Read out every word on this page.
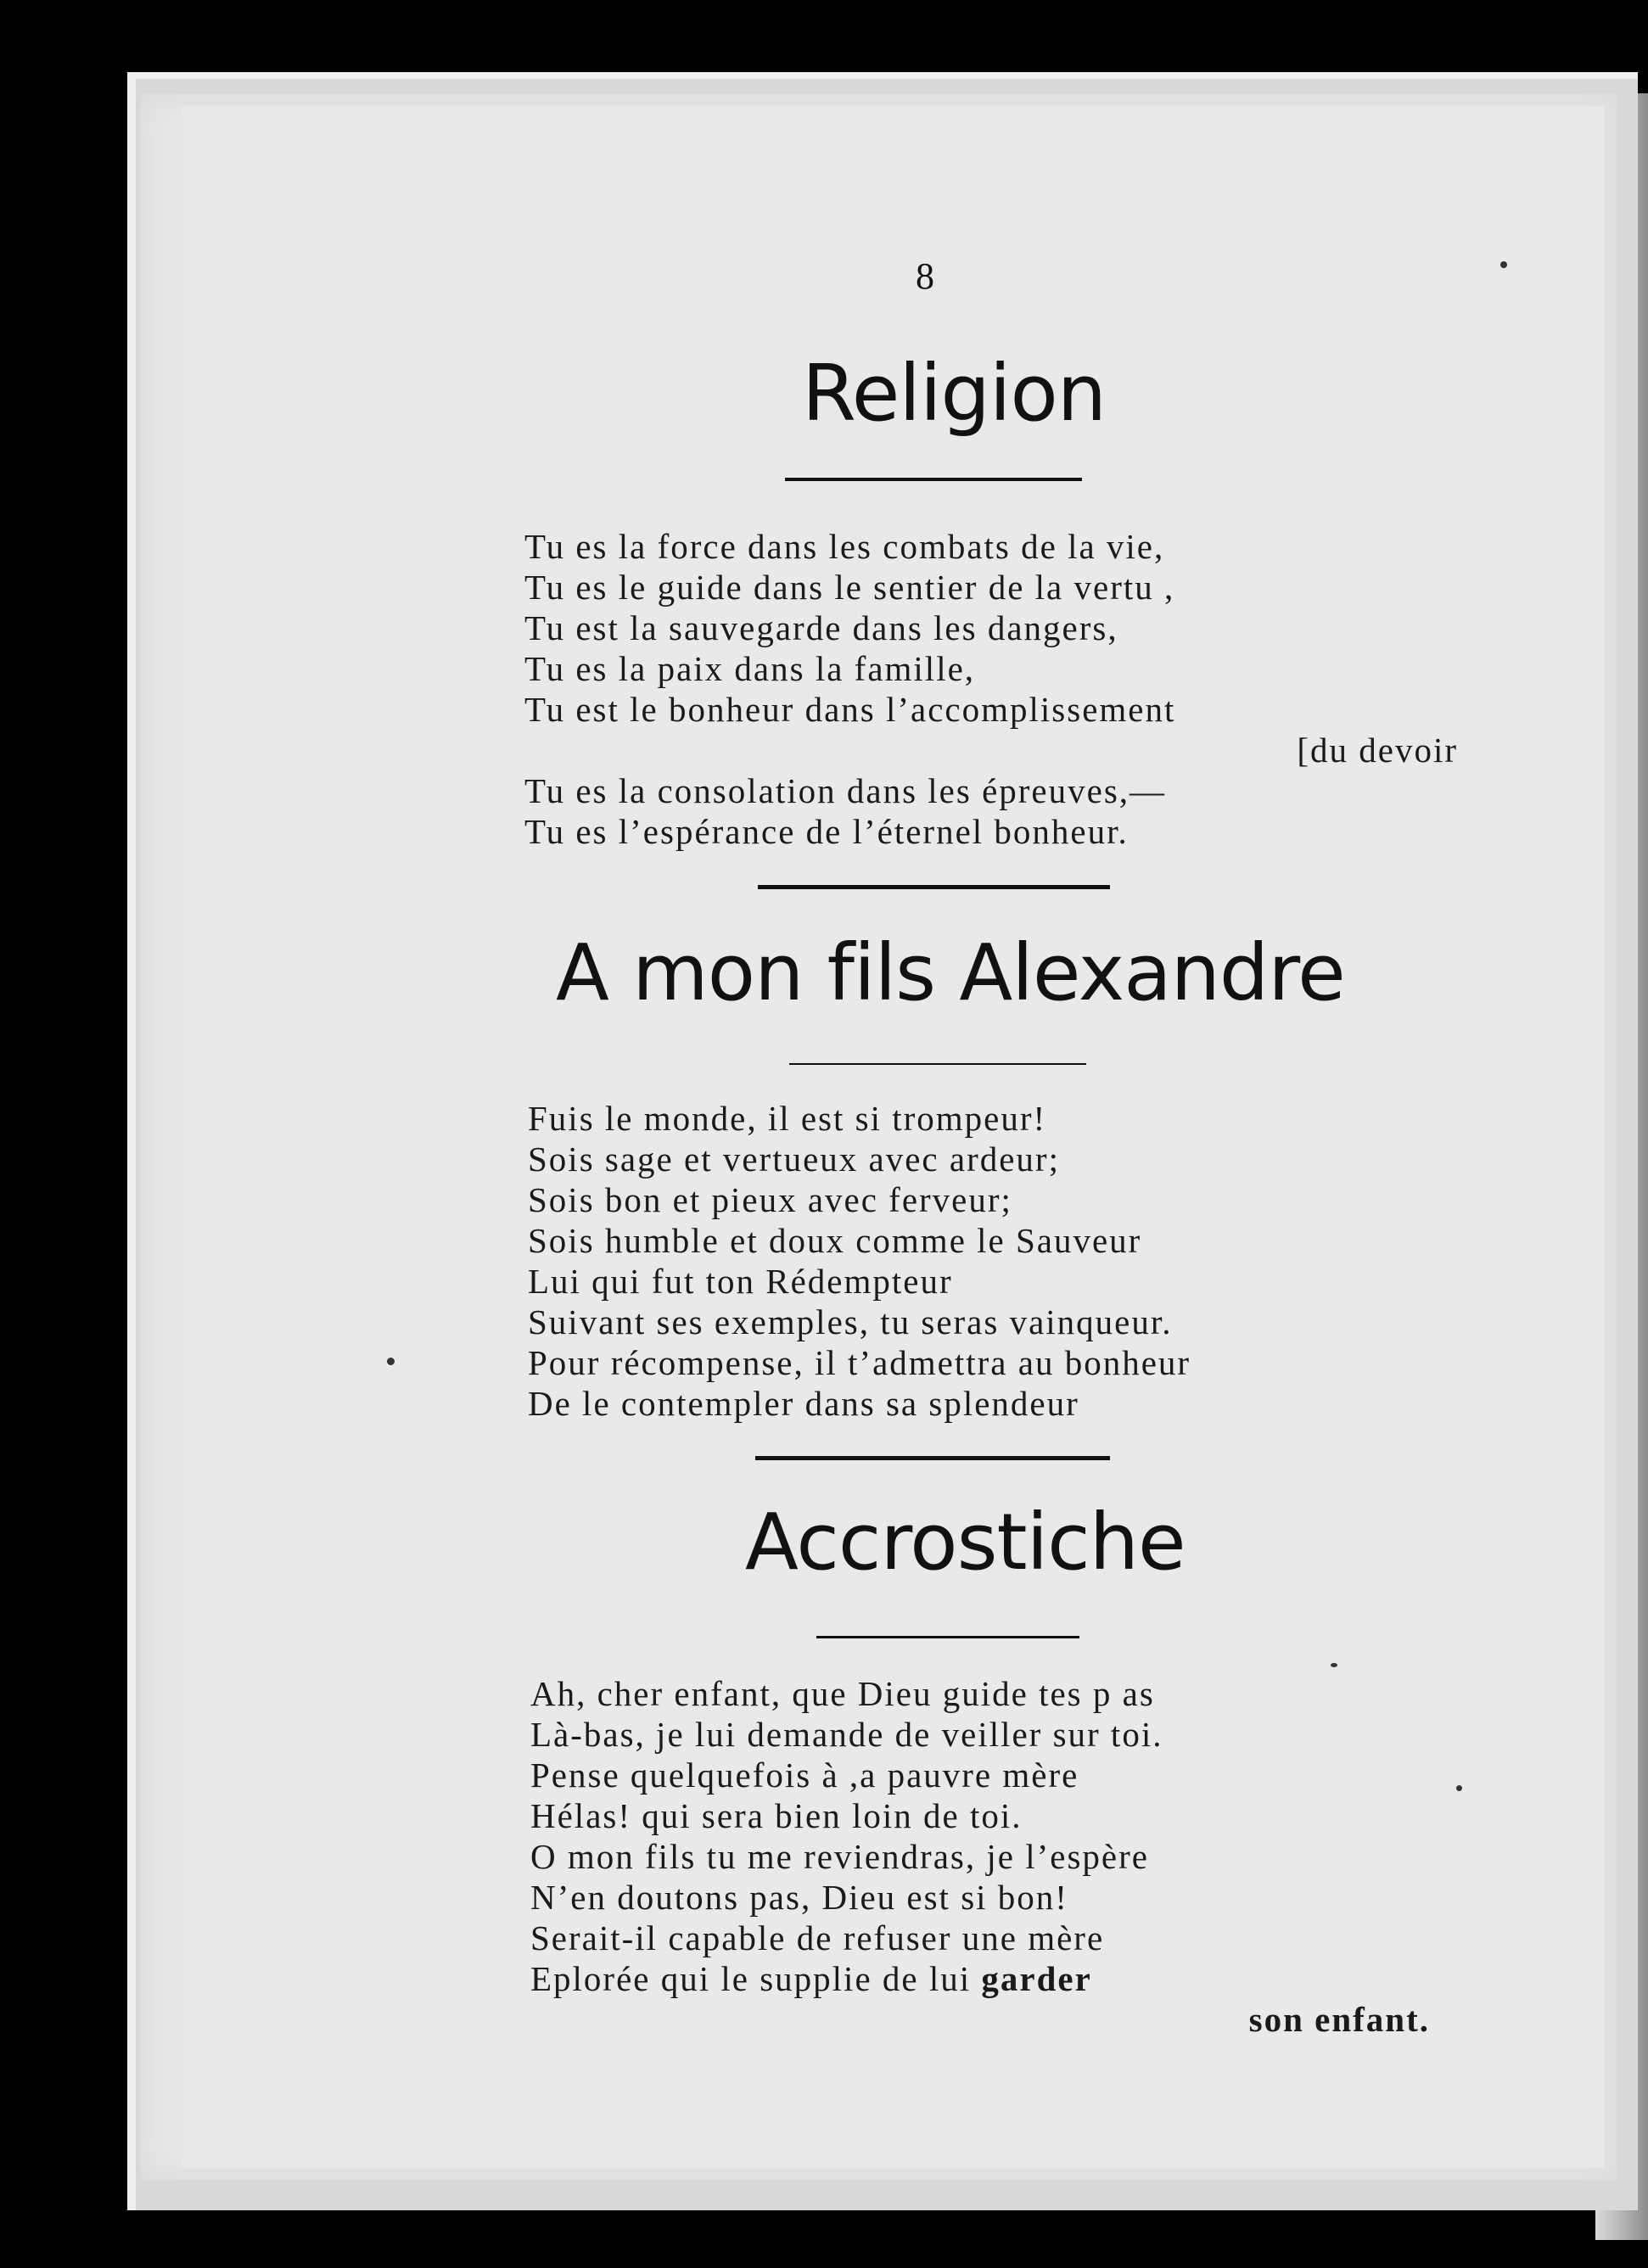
8
Religion
Tu es la force dans les combats de la vie,
Tu es le guide dans le sentier de la vertu ,
Tu est la sauvegarde dans les dangers,
Tu es la paix dans la famille,
Tu est le bonheur dans l’accomplissement
[du devoir
Tu es la consolation dans les épreuves,—
Tu es l’espérance de l’éternel bonheur.
A mon fils Alexandre
Fuis le monde, il est si trompeur!
Sois sage et vertueux avec ardeur;
Sois bon et pieux avec ferveur;
Sois humble et doux comme le Sauveur
Lui qui fut ton Rédempteur
Suivant ses exemples, tu seras vainqueur.
Pour récompense, il t’admettra au bonheur
De le contempler dans sa splendeur
Accrostiche
Ah, cher enfant, que Dieu guide tes p as
Là-bas, je lui demande de veiller sur toi.
Pense quelquefois à ,a pauvre mère
Hélas! qui sera bien loin de toi.
O mon fils tu me reviendras, je l’espère
N’en doutons pas, Dieu est si bon!
Serait-il capable de refuser une mère
Eplorée qui le supplie de lui garder
son enfant.
